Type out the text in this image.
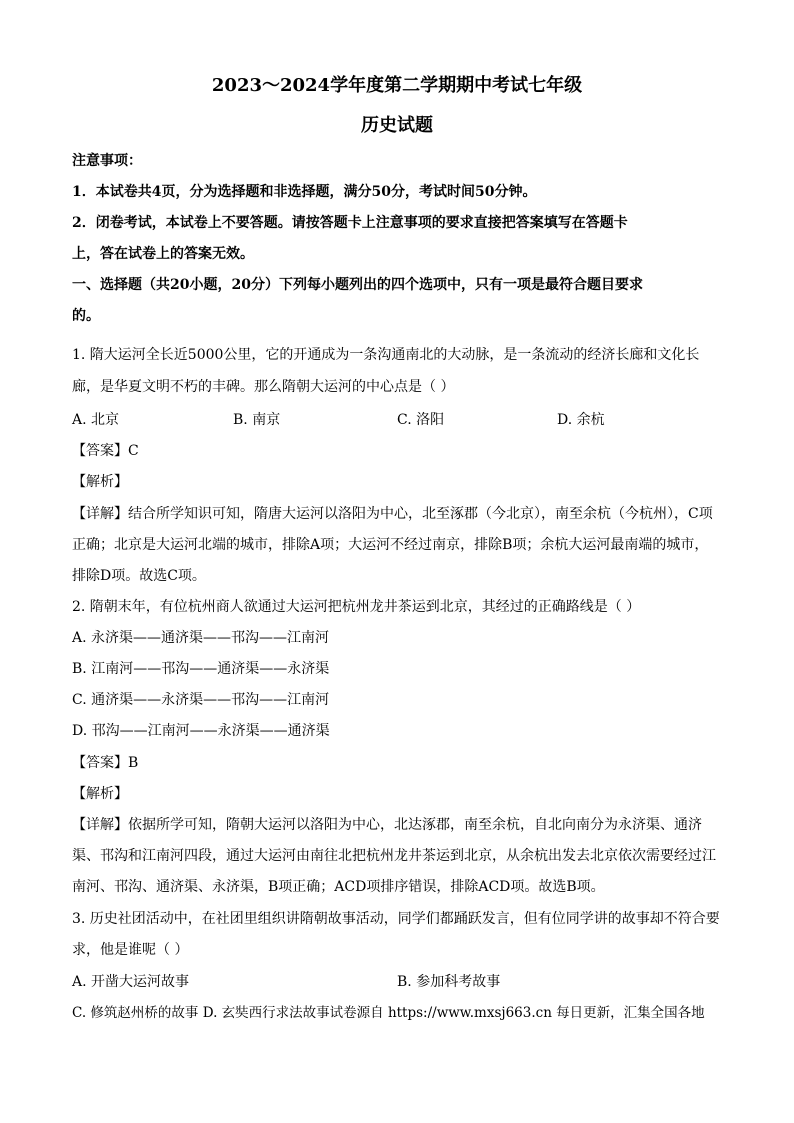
2023～2024学年度第二学期期中考试七年级
历史试题
注意事项：
1．本试卷共4页，分为选择题和非选择题，满分50分，考试时间50分钟。
2．闭卷考试，本试卷上不要答题。请按答题卡上注意事项的要求直接把答案填写在答题卡
上，答在试卷上的答案无效。
一、选择题（共20小题，20分）下列每小题列出的四个选项中，只有一项是最符合题目要求
的。
1. 隋大运河全长近5000公里，它的开通成为一条沟通南北的大动脉，是一条流动的经济长廊和文化长
廊，是华夏文明不朽的丰碑。那么隋朝大运河的中心点是（ ）
A. 北京	B. 南京	C. 洛阳	D. 余杭
【答案】C
【解析】
【详解】结合所学知识可知，隋唐大运河以洛阳为中心，北至涿郡（今北京），南至余杭（今杭州），C项
正确；北京是大运河北端的城市，排除A项；大运河不经过南京，排除B项；余杭大运河最南端的城市，
排除D项。故选C项。
2. 隋朝末年，有位杭州商人欲通过大运河把杭州龙井茶运到北京，其经过的正确路线是（ ）
A. 永济渠——通济渠——邗沟——江南河
B. 江南河——邗沟——通济渠——永济渠
C. 通济渠——永济渠——邗沟——江南河
D. 邗沟——江南河——永济渠——通济渠
【答案】B
【解析】
【详解】依据所学可知，隋朝大运河以洛阳为中心，北达涿郡，南至余杭，自北向南分为永济渠、通济
渠、邗沟和江南河四段，通过大运河由南往北把杭州龙井茶运到北京，从余杭出发去北京依次需要经过江
南河、邗沟、通济渠、永济渠，B项正确；ACD项排序错误，排除ACD项。故选B项。
3. 历史社团活动中，在社团里组织讲隋朝故事活动，同学们都踊跃发言，但有位同学讲的故事却不符合要
求，他是谁呢（ ）
A. 开凿大运河故事	B. 参加科考故事
C. 修筑赵州桥的故事 D. 玄奘西行求法故事试卷源自 https://www.mxsj663.cn 每日更新，汇集全国各地
